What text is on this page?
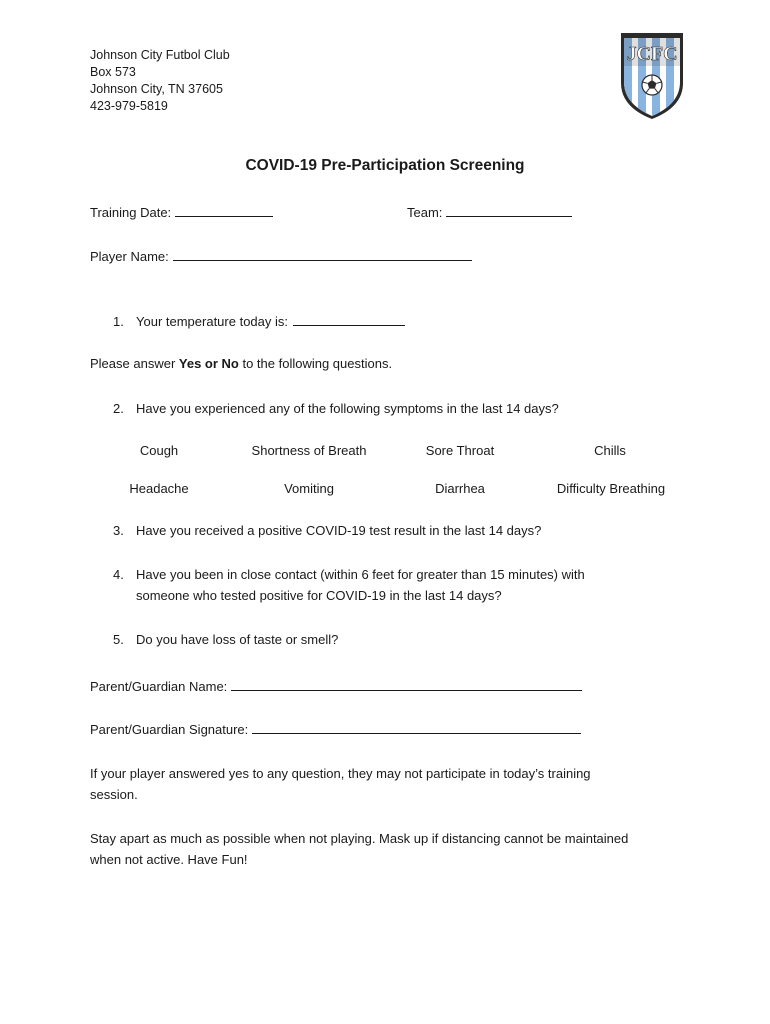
Johnson City Futbol Club
Box 573
Johnson City, TN 37605
423-979-5819
JCFC
COVID-19 Pre-Participation Screening
Training Date:	Team:
Player Name:
1. Your temperature today is:
Please answer Yes or No to the following questions.
2. Have you experienced any of the following symptoms in the last 14 days?
Cough	Shortness of Breath	Sore Throat	Chills
Headache	Vomiting	Diarrhea	Difficulty Breathing
3. Have you received a positive COVID-19 test result in the last 14 days?
4. Have you been in close contact (within 6 feet for greater than 15 minutes) with
someone who tested positive for COVID-19 in the last 14 days?
5. Do you have loss of taste or smell?
Parent/Guardian Name:
Parent/Guardian Signature:
If your player answered yes to any question, they may not participate in today’s training
session.
Stay apart as much as possible when not playing. Mask up if distancing cannot be maintained
when not active. Have Fun!
